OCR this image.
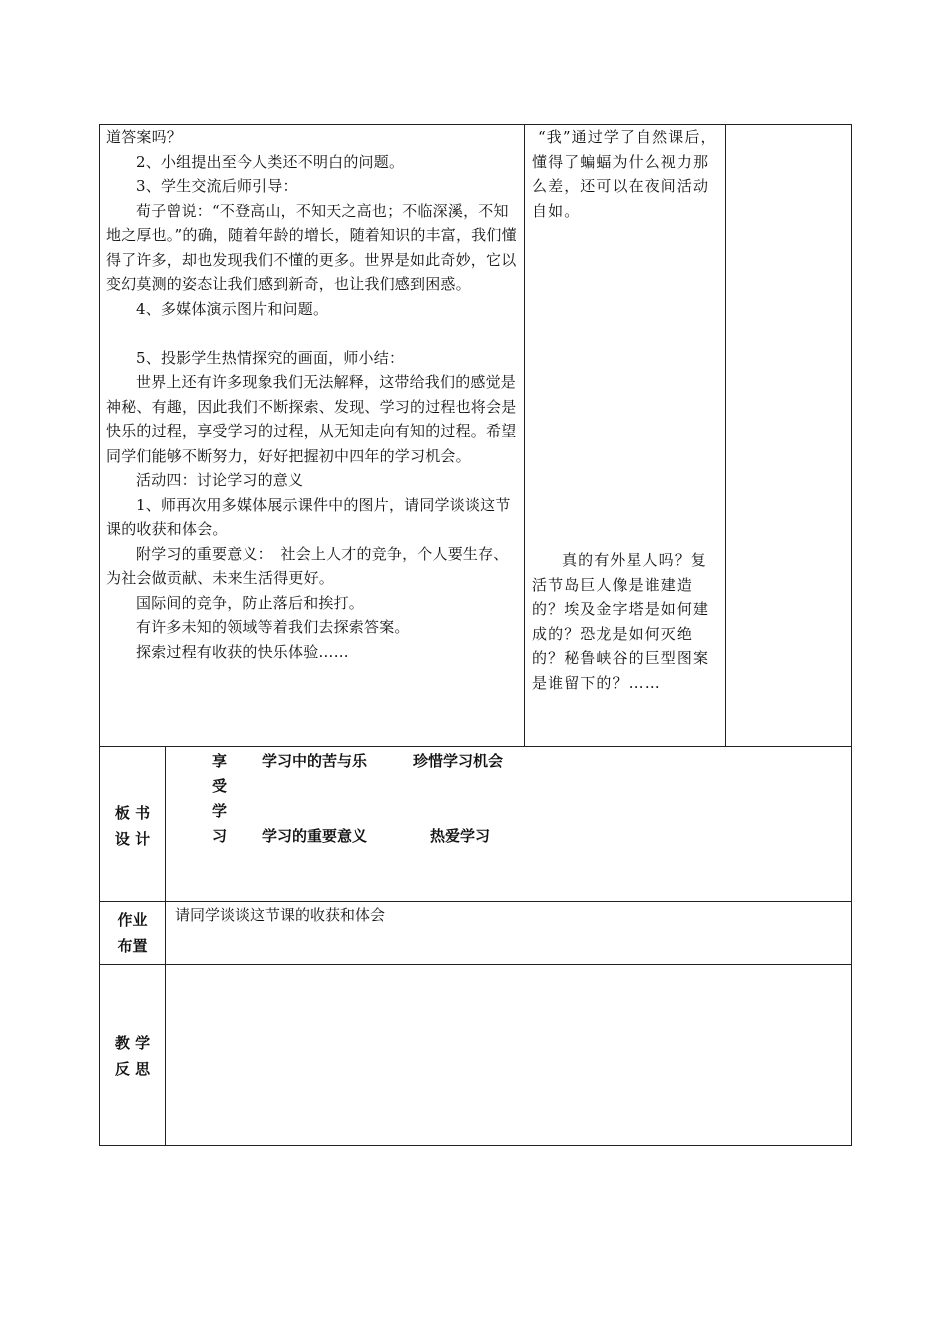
道答案吗？

2、小组提出至今人类还不明白的问题。

3、学生交流后师引导：

荀子曾说：“不登高山，不知天之高也；不临深溪，不知地之厚也。”的确，随着年龄的增长，随着知识的丰富，我们懂得了许多，却也发现我们不懂的更多。世界是如此奇妙，它以变幻莫测的姿态让我们感到新奇，也让我们感到困惑。

4、多媒体演示图片和问题。

5、投影学生热情探究的画面，师小结：

世界上还有许多现象我们无法解释，这带给我们的感觉是神秘、有趣，因此我们不断探索、发现、学习的过程也将会是快乐的过程，享受学习的过程，从无知走向有知的过程。希望同学们能够不断努力，好好把握初中四年的学习机会。

活动四：讨论学习的意义

1、师再次用多媒体展示课件中的图片，请同学谈谈这节课的收获和体会。

附学习的重要意义：　社会上人才的竞争，个人要生存、为社会做贡献、未来生活得更好。

国际间的竞争，防止落后和挨打。

有许多未知的领域等着我们去探索答案。

探索过程有收获的快乐体验……

“我”通过学了自然课后，懂得了蝙蝠为什么视力那么差，还可以在夜间活动自如。

真的有外星人吗？复活节岛巨人像是谁建造的？埃及金字塔是如何建成的？恐龙是如何灭绝的？秘鲁峡谷的巨型图案是谁留下的？……

板 书
设 计
享
受
学
习
学习中的苦与乐	珍惜学习机会
学习的重要意义	热爱学习
作业
布置
请同学谈谈这节课的收获和体会
教 学
反 思
